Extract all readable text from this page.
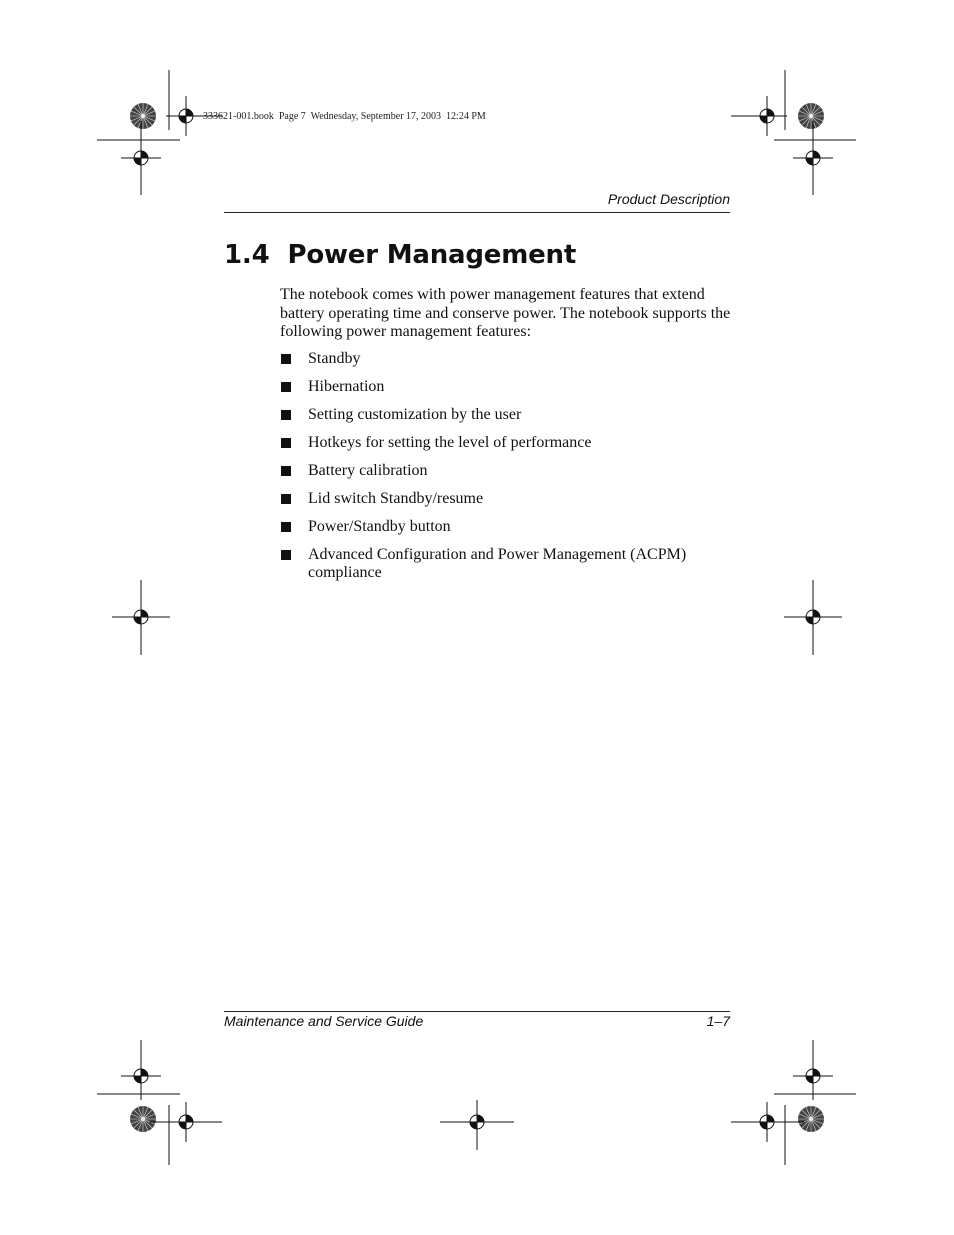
333621-001.book  Page 7  Wednesday, September 17, 2003  12:24 PM
Product Description
1.4 Power Management

The notebook comes with power management features that extend battery operating time and conserve power. The notebook supports the following power management features:

Standby
Hibernation
Setting customization by the user
Hotkeys for setting the level of performance
Battery calibration
Lid switch Standby/resume
Power/Standby button
Advanced Configuration and Power Management (ACPM) compliance
Maintenance and Service Guide	1–7
